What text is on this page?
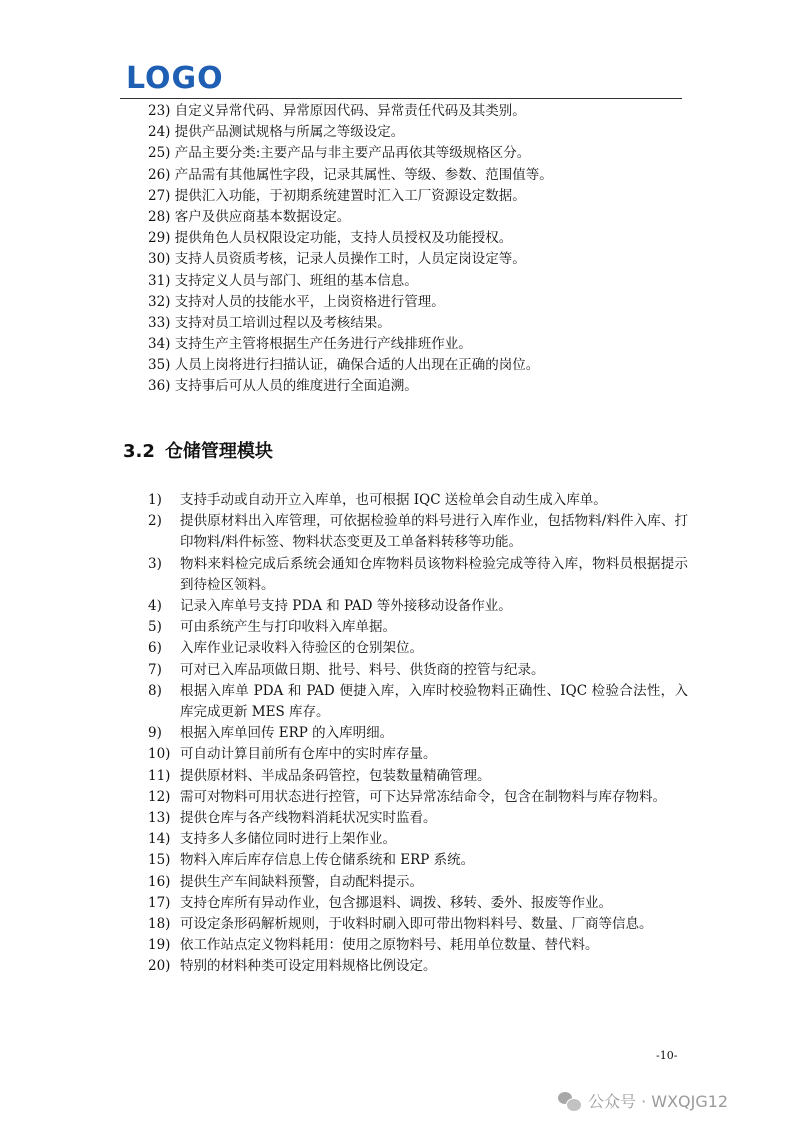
LOGO
23) 自定义异常代码、异常原因代码、异常责任代码及其类别。
24) 提供产品测试规格与所属之等级设定。
25) 产品主要分类:主要产品与非主要产品再依其等级规格区分。
26) 产品需有其他属性字段，记录其属性、等级、参数、范围值等。
27) 提供汇入功能，于初期系统建置时汇入工厂资源设定数据。
28) 客户及供应商基本数据设定。
29) 提供角色人员权限设定功能，支持人员授权及功能授权。
30) 支持人员资质考核，记录人员操作工时，人员定岗设定等。
31) 支持定义人员与部门、班组的基本信息。
32) 支持对人员的技能水平，上岗资格进行管理。
33) 支持对员工培训过程以及考核结果。
34) 支持生产主管将根据生产任务进行产线排班作业。
35) 人员上岗将进行扫描认证，确保合适的人出现在正确的岗位。
36) 支持事后可从人员的维度进行全面追溯。
3.2 仓储管理模块
1)	支持手动或自动开立入库单，也可根据 IQC 送检单会自动生成入库单。
2)	提供原材料出入库管理，可依据检验单的料号进行入库作业，包括物料/料件入库、打印物料/料件标签、物料状态变更及工单备料转移等功能。
3)	物料来料检完成后系统会通知仓库物料员该物料检验完成等待入库，物料员根据提示到待检区领料。
4)	记录入库单号支持 PDA 和 PAD 等外接移动设备作业。
5)	可由系统产生与打印收料入库单据。
6)	入库作业记录收料入待验区的仓别架位。
7)	可对已入库品项做日期、批号、料号、供货商的控管与纪录。
8)	根据入库单 PDA 和 PAD 便捷入库，入库时校验物料正确性、IQC 检验合法性，入库完成更新 MES 库存。
9)	根据入库单回传 ERP 的入库明细。
10) 可自动计算目前所有仓库中的实时库存量。
11) 提供原材料、半成品条码管控，包装数量精确管理。
12) 需可对物料可用状态进行控管，可下达异常冻结命令，包含在制物料与库存物料。
13) 提供仓库与各产线物料消耗状况实时监看。
14) 支持多人多储位同时进行上架作业。
15) 物料入库后库存信息上传仓储系统和 ERP 系统。
16) 提供生产车间缺料预警，自动配料提示。
17) 支持仓库所有异动作业，包含挪退料、调拨、移转、委外、报废等作业。
18) 可设定条形码解析规则，于收料时刷入即可带出物料料号、数量、厂商等信息。
19) 依工作站点定义物料耗用：使用之原物料号、耗用单位数量、替代料。
20) 特别的材料种类可设定用料规格比例设定。
-10-
公众号 · WXQJG12
